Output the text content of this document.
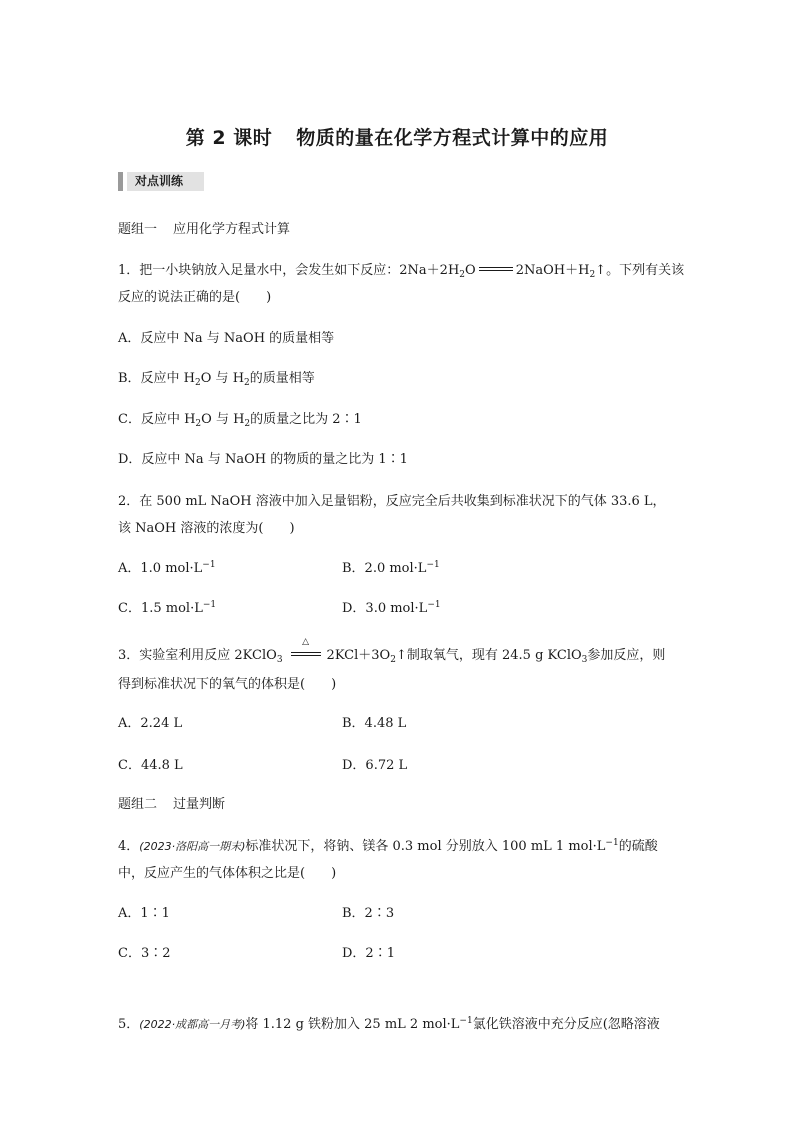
第 2 课时 物质的量在化学方程式计算中的应用
对点训练
题组一 应用化学方程式计算
1．把一小块钠放入足量水中，会发生如下反应：$2Na+2H_2O$	$2NaOH+H_2↑$。下列有关该
反应的说法正确的是(　　)
A．反应中 Na 与 NaOH 的质量相等
B．反应中 $H_2O$ 与 $H_2$的质量相等
C．反应中 $H_2O$ 与 $H_2$的质量之比为 2∶1
D．反应中 Na 与 NaOH 的物质的量之比为 1∶1
2．在 500 mL NaOH 溶液中加入足量铝粉，反应完全后共收集到标准状况下的气体 33.6 L，
该 NaOH 溶液的浓度为(　　)
A．1.0 $mol\cdot L^{-1}$	B．2.0 $mol\cdot L^{-1}$
C．1.5 $mol\cdot L^{-1}$	D．3.0 $mol\cdot L^{-1}$
3．实验室利用反应 2KClO$_3$
△
$2KCl+3O_2↑$制取氧气，现有 24.5 g KClO$_3$参加反应，则
得到标准状况下的氧气的体积是(　　)
A．2.24 L	B．4.48 L
C．44.8 L	D．6.72 L
题组二 过量判断
4．(2023·洛阳高一期末)标准状况下，将钠、镁各 0.3 mol 分别放入 100 mL 1 $mol\cdot L^{-1}$的硫酸
中，反应产生的气体体积之比是(　　)
A．1∶1	B．2∶3
C．3∶2	D．2∶1
5．(2022·成都高一月考)将 1.12 g 铁粉加入 25 mL 2 $mol\cdot L^{-1}$氯化铁溶液中充分反应(忽略溶液
